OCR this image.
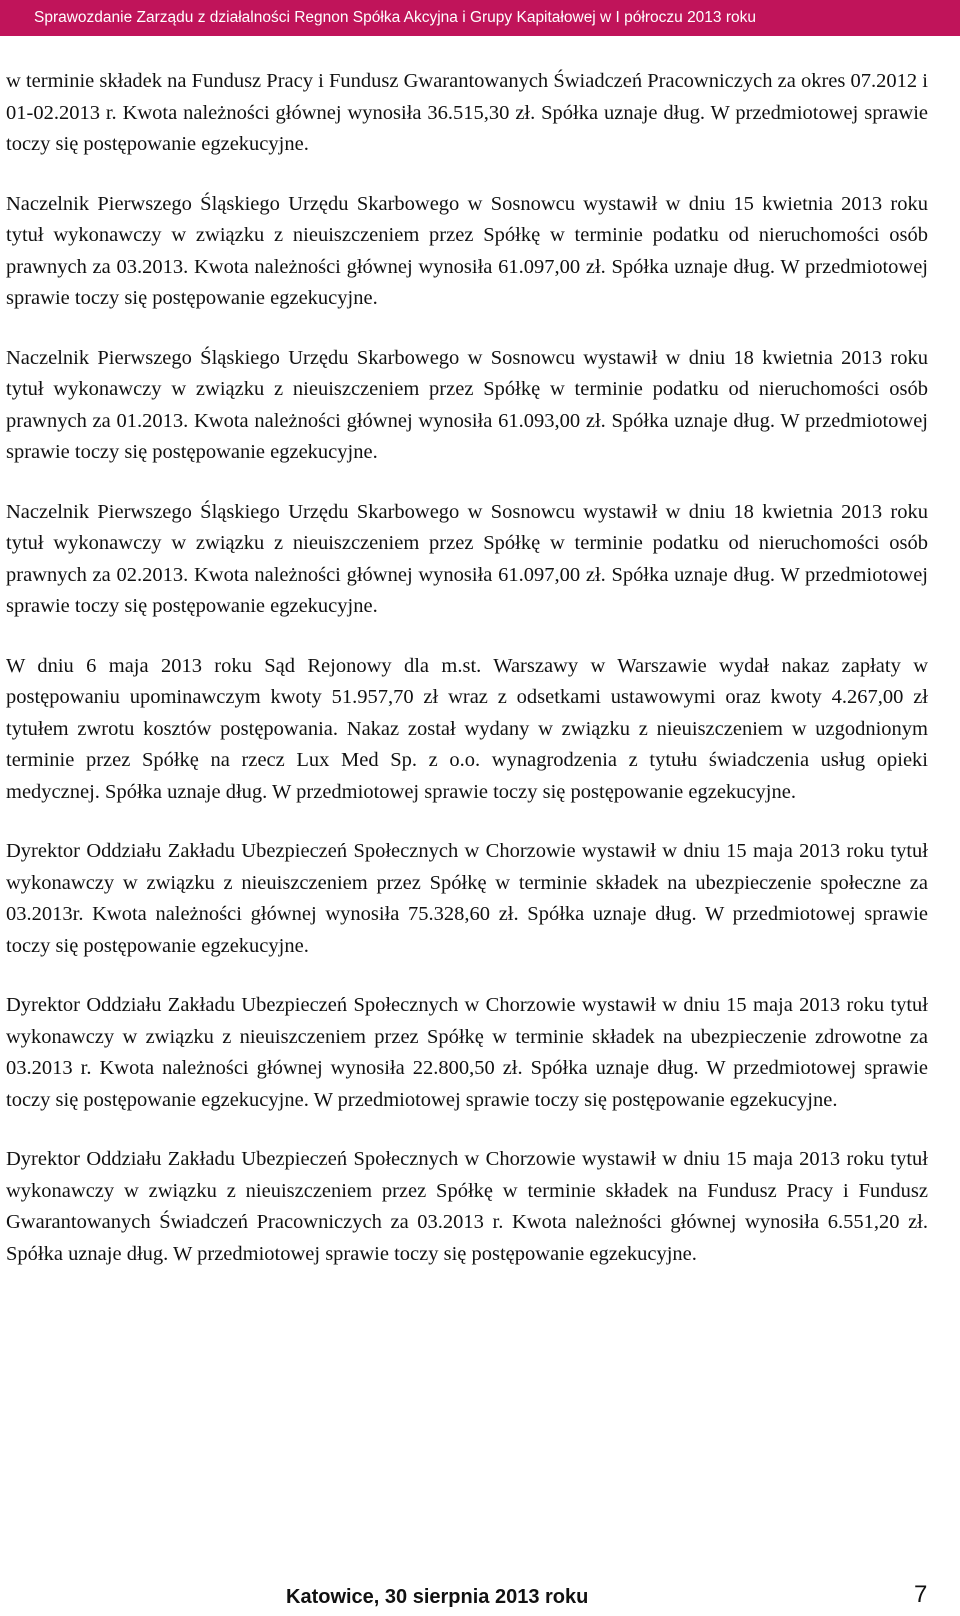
Sprawozdanie Zarządu z działalności Regnon Spółka Akcyjna i Grupy Kapitałowej w I półroczu 2013 roku

w terminie składek na Fundusz Pracy i Fundusz Gwarantowanych Świadczeń Pracowniczych za okres 07.2012 i 01-02.2013 r. Kwota należności głównej wynosiła 36.515,30 zł. Spółka uznaje dług. W przedmiotowej sprawie toczy się postępowanie egzekucyjne.

Naczelnik Pierwszego Śląskiego Urzędu Skarbowego w Sosnowcu wystawił w dniu 15 kwietnia 2013 roku tytuł wykonawczy w związku z nieuiszczeniem przez Spółkę w terminie podatku od nieruchomości osób prawnych za 03.2013. Kwota należności głównej wynosiła 61.097,00 zł. Spółka uznaje dług. W przedmiotowej sprawie toczy się postępowanie egzekucyjne.

Naczelnik Pierwszego Śląskiego Urzędu Skarbowego w Sosnowcu wystawił w dniu 18 kwietnia 2013 roku tytuł wykonawczy w związku z nieuiszczeniem przez Spółkę w terminie podatku od nieruchomości osób prawnych za 01.2013. Kwota należności głównej wynosiła 61.093,00 zł. Spółka uznaje dług. W przedmiotowej sprawie toczy się postępowanie egzekucyjne.

Naczelnik Pierwszego Śląskiego Urzędu Skarbowego w Sosnowcu wystawił w dniu 18 kwietnia 2013 roku tytuł wykonawczy w związku z nieuiszczeniem przez Spółkę w terminie podatku od nieruchomości osób prawnych za 02.2013. Kwota należności głównej wynosiła 61.097,00 zł. Spółka uznaje dług. W przedmiotowej sprawie toczy się postępowanie egzekucyjne.

W dniu 6 maja 2013 roku Sąd Rejonowy dla m.st. Warszawy w Warszawie wydał nakaz zapłaty w postępowaniu upominawczym kwoty 51.957,70 zł wraz z odsetkami ustawowymi oraz kwoty 4.267,00 zł tytułem zwrotu kosztów postępowania. Nakaz został wydany w związku z nieuiszczeniem w uzgodnionym terminie przez Spółkę na rzecz Lux Med Sp. z o.o. wynagrodzenia z tytułu świadczenia usług opieki medycznej. Spółka uznaje dług. W przedmiotowej sprawie toczy się postępowanie egzekucyjne.

Dyrektor Oddziału Zakładu Ubezpieczeń Społecznych w Chorzowie wystawił w dniu 15 maja 2013 roku tytuł wykonawczy w związku z nieuiszczeniem przez Spółkę w terminie składek na ubezpieczenie społeczne za 03.2013r. Kwota należności głównej wynosiła 75.328,60 zł. Spółka uznaje dług. W przedmiotowej sprawie toczy się postępowanie egzekucyjne.

Dyrektor Oddziału Zakładu Ubezpieczeń Społecznych w Chorzowie wystawił w dniu 15 maja 2013 roku tytuł wykonawczy w związku z nieuiszczeniem przez Spółkę w terminie składek na ubezpieczenie zdrowotne za 03.2013 r. Kwota należności głównej wynosiła 22.800,50 zł. Spółka uznaje dług. W przedmiotowej sprawie toczy się postępowanie egzekucyjne. W przedmiotowej sprawie toczy się postępowanie egzekucyjne.

Dyrektor Oddziału Zakładu Ubezpieczeń Społecznych w Chorzowie wystawił w dniu 15 maja 2013 roku tytuł wykonawczy w związku z nieuiszczeniem przez Spółkę w terminie składek na Fundusz Pracy i Fundusz Gwarantowanych Świadczeń Pracowniczych za 03.2013 r. Kwota należności głównej wynosiła 6.551,20 zł. Spółka uznaje dług. W przedmiotowej sprawie toczy się postępowanie egzekucyjne.

Katowice, 30 sierpnia 2013 roku	7
